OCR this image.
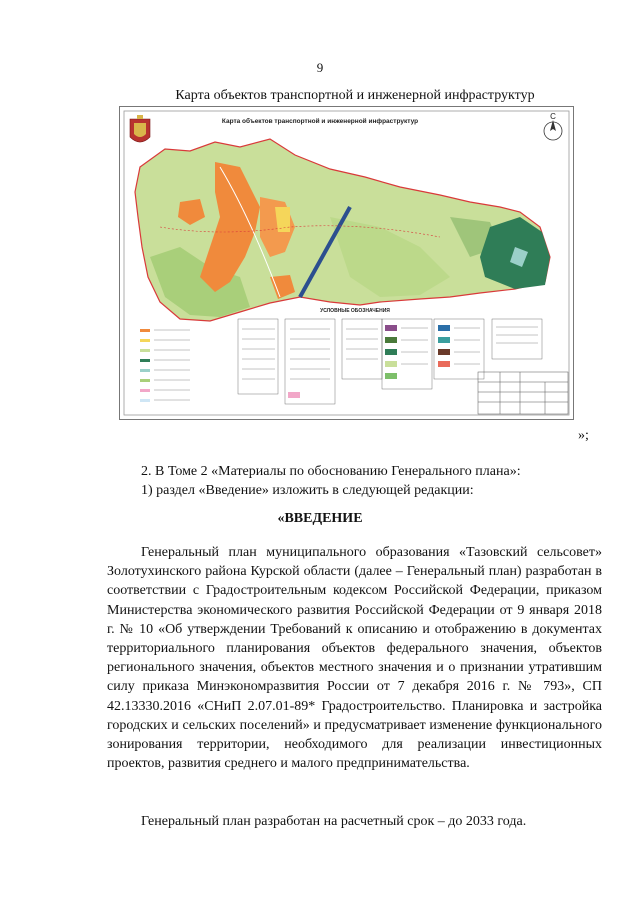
9
Карта объектов транспортной и инженерной инфраструктур
Карта объектов транспортной и инженерной инфраструктур
С
УСЛОВНЫЕ ОБОЗНАЧЕНИЯ
»;
2. В Томе 2 «Материалы по обоснованию Генерального плана»:
1) раздел «Введение» изложить в следующей редакции:
«ВВЕДЕНИЕ

Генеральный план муниципального образования «Тазовский сельсовет» Золотухинского района Курской области (далее – Генеральный план) разработан в соответствии с Градостроительным кодексом Российской Федерации, приказом Министерства экономического развития Российской Федерации от 9 января 2018 г. № 10 «Об утверждении Требований к описанию и отображению в документах территориального планирования объектов федерального значения, объектов регионального значения, объектов местного значения и о признании утратившим силу приказа Минэкономразвития России от 7 декабря 2016 г. № 793», СП 42.13330.2016 «СНиП 2.07.01-89* Градостроительство. Планировка и застройка городских и сельских поселений» и предусматривает изменение функционального зонирования территории, необходимого для реализации инвестиционных проектов, развития среднего и малого предпринимательства.

Генеральный план разработан на расчетный срок – до 2033 года.
